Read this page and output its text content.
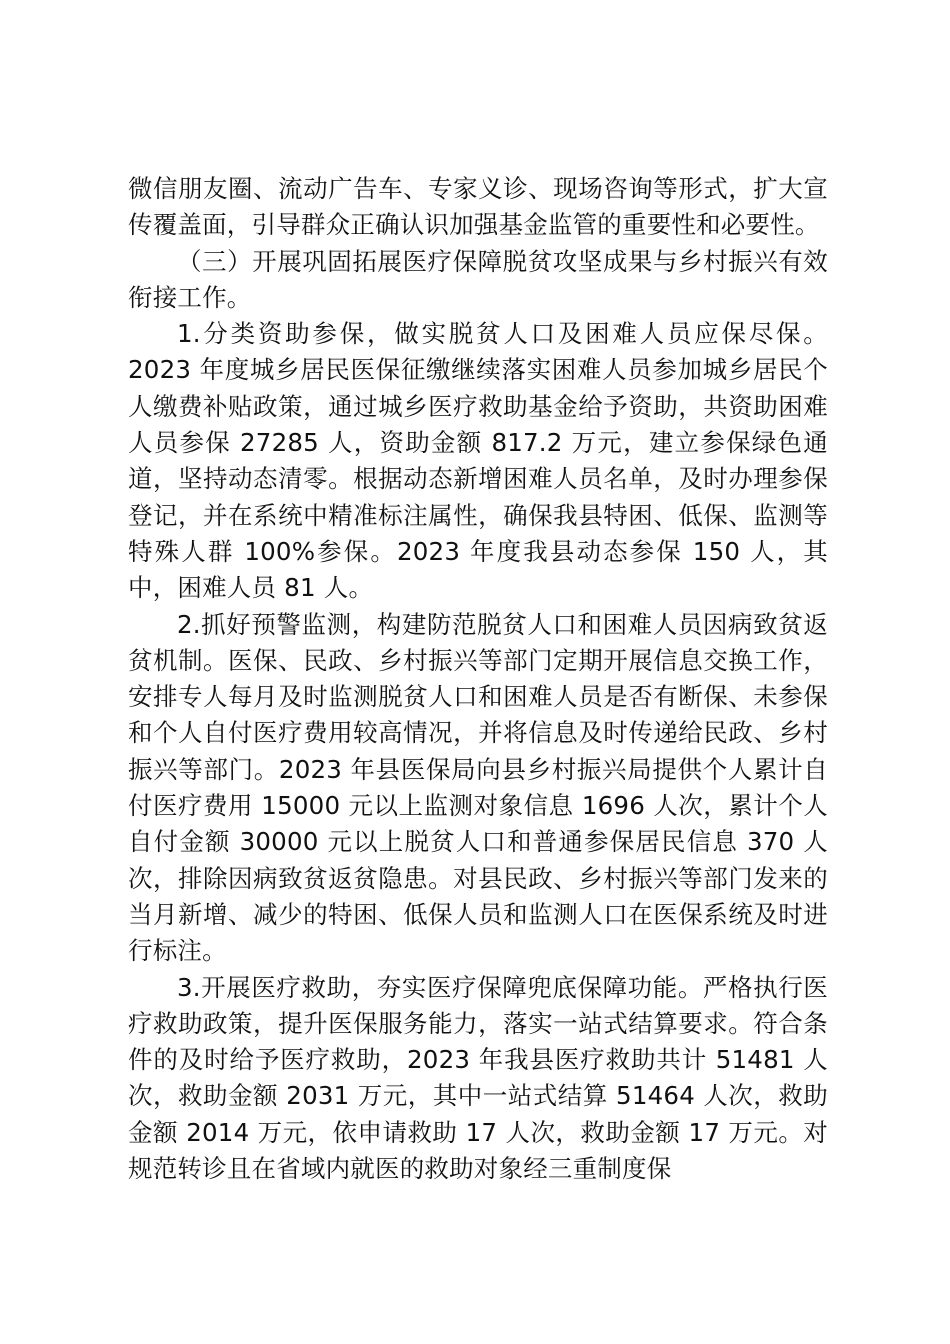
微信朋友圈、流动广告车、专家义诊、现场咨询等形式，扩大宣传覆盖面，引导群众正确认识加强基金监管的重要性和必要性。

（三）开展巩固拓展医疗保障脱贫攻坚成果与乡村振兴有效衔接工作。

1.分类资助参保，做实脱贫人口及困难人员应保尽保。2023 年度城乡居民医保征缴继续落实困难人员参加城乡居民个人缴费补贴政策，通过城乡医疗救助基金给予资助，共资助困难人员参保 27285 人，资助金额 817.2 万元，建立参保绿色通道，坚持动态清零。根据动态新增困难人员名单，及时办理参保登记，并在系统中精准标注属性，确保我县特困、低保、监测等特殊人群 100%参保。2023 年度我县动态参保 150 人，其中，困难人员 81 人。

2.抓好预警监测，构建防范脱贫人口和困难人员因病致贫返贫机制。医保、民政、乡村振兴等部门定期开展信息交换工作，安排专人每月及时监测脱贫人口和困难人员是否有断保、未参保和个人自付医疗费用较高情况，并将信息及时传递给民政、乡村振兴等部门。2023 年县医保局向县乡村振兴局提供个人累计自付医疗费用 15000 元以上监测对象信息 1696 人次，累计个人自付金额 30000 元以上脱贫人口和普通参保居民信息 370 人次，排除因病致贫返贫隐患。对县民政、乡村振兴等部门发来的当月新增、减少的特困、低保人员和监测人口在医保系统及时进行标注。

3.开展医疗救助，夯实医疗保障兜底保障功能。严格执行医疗救助政策，提升医保服务能力，落实一站式结算要求。符合条件的及时给予医疗救助，2023 年我县医疗救助共计 51481 人次，救助金额 2031 万元，其中一站式结算 51464 人次，救助金额 2014 万元，依申请救助 17 人次，救助金额 17 万元。对规范转诊且在省域内就医的救助对象经三重制度保
